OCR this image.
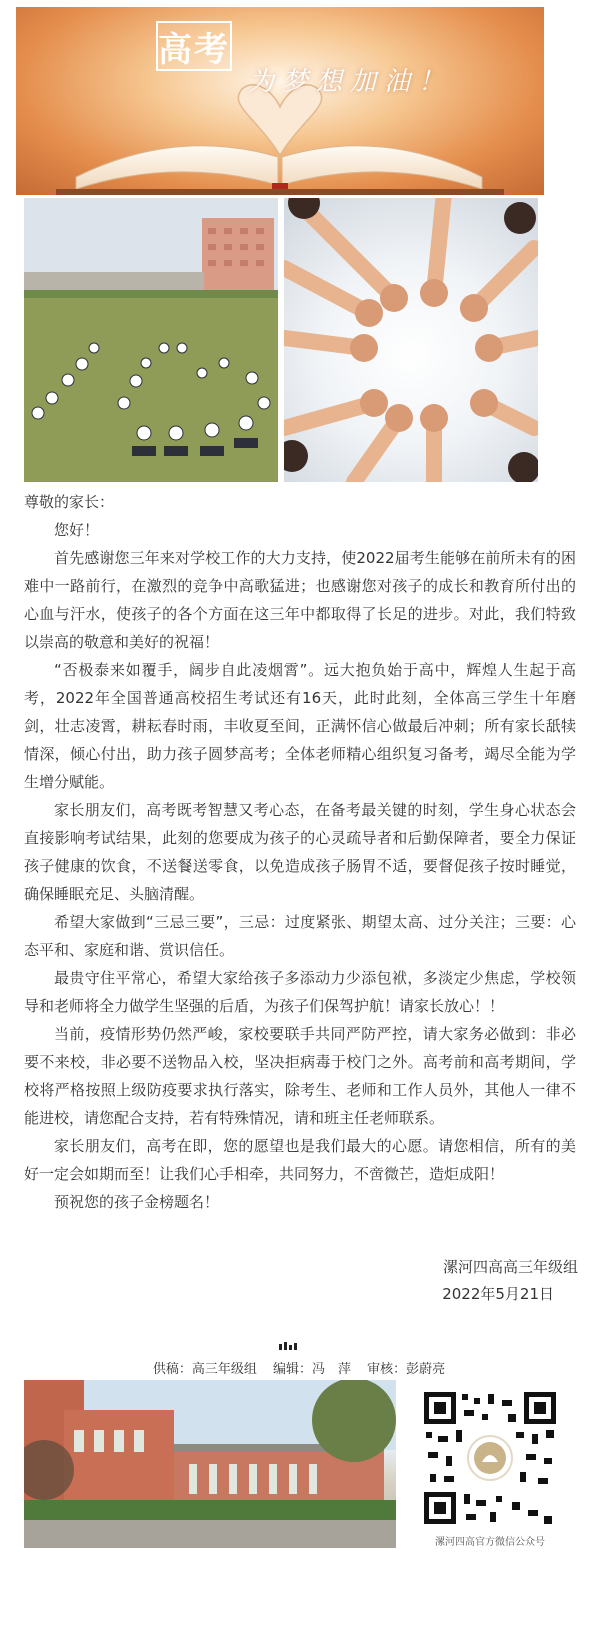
高考
为梦想加油！

尊敬的家长：

您好！

首先感谢您三年来对学校工作的大力支持，使2022届考生能够在前所未有的困难中一路前行，在激烈的竞争中高歌猛进；也感谢您对孩子的成长和教育所付出的心血与汗水，使孩子的各个方面在这三年中都取得了长足的进步。对此，我们特致以崇高的敬意和美好的祝福！

“否极泰来如覆手，阔步自此凌烟霄”。远大抱负始于高中，辉煌人生起于高考，2022年全国普通高校招生考试还有16天，此时此刻，全体高三学生十年磨剑，壮志凌霄，耕耘春时雨，丰收夏至间，正满怀信心做最后冲刺；所有家长舐犊情深，倾心付出，助力孩子圆梦高考；全体老师精心组织复习备考，竭尽全能为学生增分赋能。

家长朋友们，高考既考智慧又考心态，在备考最关键的时刻，学生身心状态会直接影响考试结果，此刻的您要成为孩子的心灵疏导者和后勤保障者，要全力保证孩子健康的饮食，不送餐送零食，以免造成孩子肠胃不适，要督促孩子按时睡觉，确保睡眠充足、头脑清醒。

希望大家做到“三忌三要”，三忌：过度紧张、期望太高、过分关注；三要：心态平和、家庭和谐、赏识信任。

最贵守住平常心，希望大家给孩子多添动力少添包袱，多淡定少焦虑，学校领导和老师将全力做学生坚强的后盾，为孩子们保驾护航！请家长放心！！

当前，疫情形势仍然严峻，家校要联手共同严防严控，请大家务必做到：非必要不来校，非必要不送物品入校，坚决拒病毒于校门之外。高考前和高考期间，学校将严格按照上级防疫要求执行落实，除考生、老师和工作人员外，其他人一律不能进校，请您配合支持，若有特殊情况，请和班主任老师联系。

家长朋友们，高考在即，您的愿望也是我们最大的心愿。请您相信，所有的美好一定会如期而至！让我们心手相牵，共同努力，不啻微芒，造炬成阳！

预祝您的孩子金榜题名！

漯河四高高三年级组
2022年5月21日
供稿：高三年级组 编辑：冯　萍 审核：彭蔚亮
漯河四高官方微信公众号
